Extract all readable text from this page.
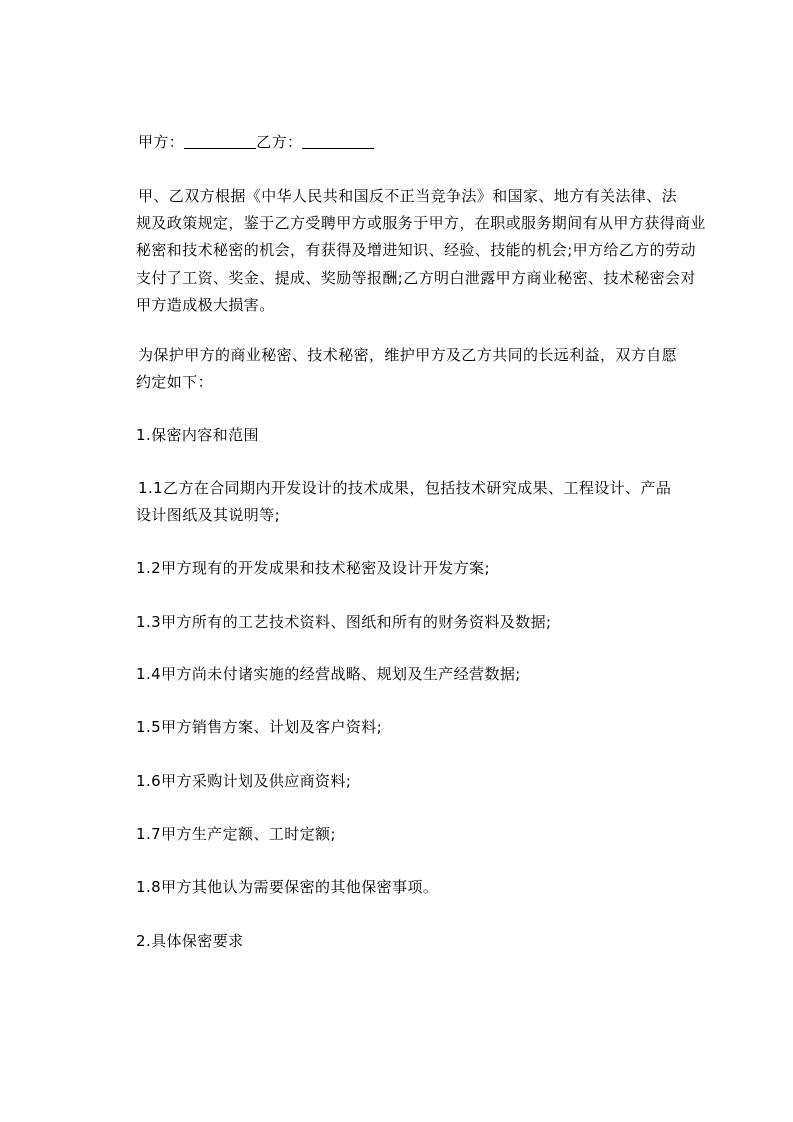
甲方：	乙方：
甲、乙双方根据《中华人民共和国反不正当竞争法》和国家、地方有关法律、法
规及政策规定，鉴于乙方受聘甲方或服务于甲方，在职或服务期间有从甲方获得商业
秘密和技术秘密的机会，有获得及增进知识、经验、技能的机会;甲方给乙方的劳动
支付了工资、奖金、提成、奖励等报酬;乙方明白泄露甲方商业秘密、技术秘密会对
甲方造成极大损害。
为保护甲方的商业秘密、技术秘密，维护甲方及乙方共同的长远利益，双方自愿
约定如下：
1.保密内容和范围
1.1乙方在合同期内开发设计的技术成果，包括技术研究成果、工程设计、产品
设计图纸及其说明等;
1.2甲方现有的开发成果和技术秘密及设计开发方案;
1.3甲方所有的工艺技术资料、图纸和所有的财务资料及数据;
1.4甲方尚未付诸实施的经营战略、规划及生产经营数据;
1.5甲方销售方案、计划及客户资料;
1.6甲方采购计划及供应商资料;
1.7甲方生产定额、工时定额;
1.8甲方其他认为需要保密的其他保密事项。
2.具体保密要求
